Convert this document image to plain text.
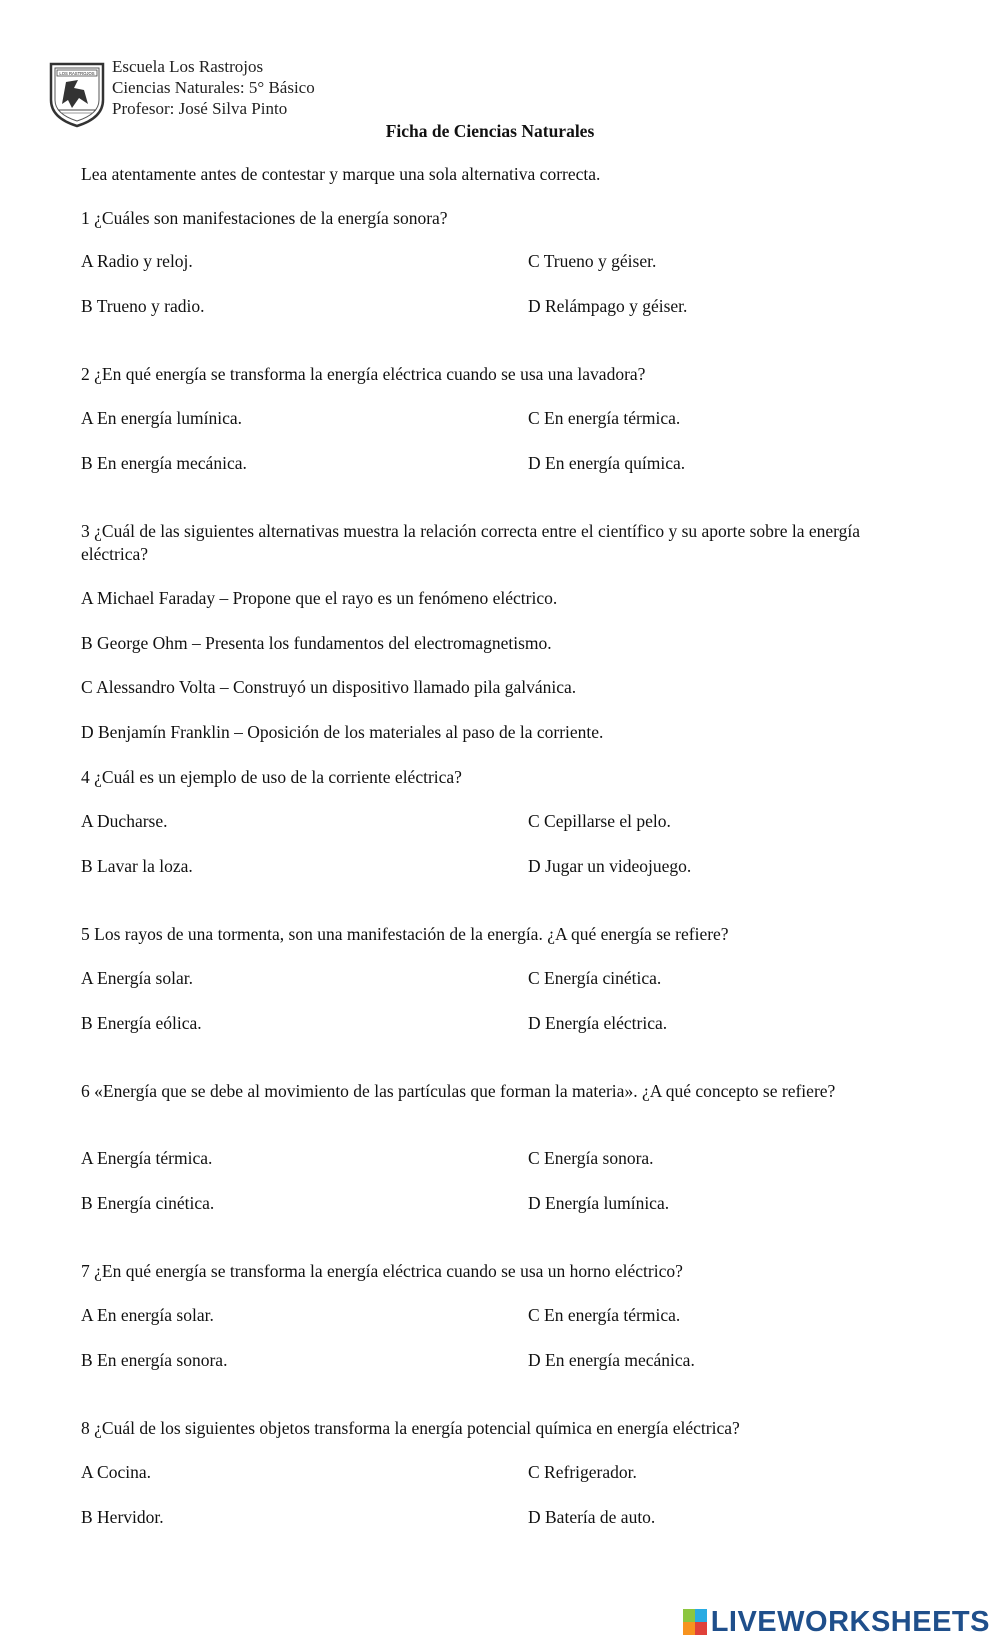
LOS RASTROJOS Escuela Los Rastrojos
Ciencias Naturales: 5° Básico
Profesor: José Silva Pinto
Ficha de Ciencias Naturales
Lea atentamente antes de contestar y marque una sola alternativa correcta.
1 ¿Cuáles son manifestaciones de la energía sonora?
A Radio y reloj.	C Trueno y géiser.
B Trueno y radio.	D Relámpago y géiser.
2 ¿En qué energía se transforma la energía eléctrica cuando se usa una lavadora?
A En energía lumínica.	C En energía térmica.
B En energía mecánica.	D En energía química.
3 ¿Cuál de las siguientes alternativas muestra la relación correcta entre el científico y su aporte sobre la energía eléctrica?
A Michael Faraday – Propone que el rayo es un fenómeno eléctrico.
B George Ohm – Presenta los fundamentos del electromagnetismo.
C Alessandro Volta – Construyó un dispositivo llamado pila galvánica.
D Benjamín Franklin – Oposición de los materiales al paso de la corriente.
4 ¿Cuál es un ejemplo de uso de la corriente eléctrica?
A Ducharse.	C Cepillarse el pelo.
B Lavar la loza.	D Jugar un videojuego.
5 Los rayos de una tormenta, son una manifestación de la energía. ¿A qué energía se refiere?
A Energía solar.	C Energía cinética.
B Energía eólica.	D Energía eléctrica.
6 «Energía que se debe al movimiento de las partículas que forman la materia». ¿A qué concepto se refiere?
A Energía térmica.	C Energía sonora.
B Energía cinética.	D Energía lumínica.
7 ¿En qué energía se transforma la energía eléctrica cuando se usa un horno eléctrico?
A En energía solar.	C En energía térmica.
B En energía sonora.	D En energía mecánica.
8 ¿Cuál de los siguientes objetos transforma la energía potencial química en energía eléctrica?
A Cocina.	C Refrigerador.
B Hervidor.	D Batería de auto.
LIVEWORKSHEETS
